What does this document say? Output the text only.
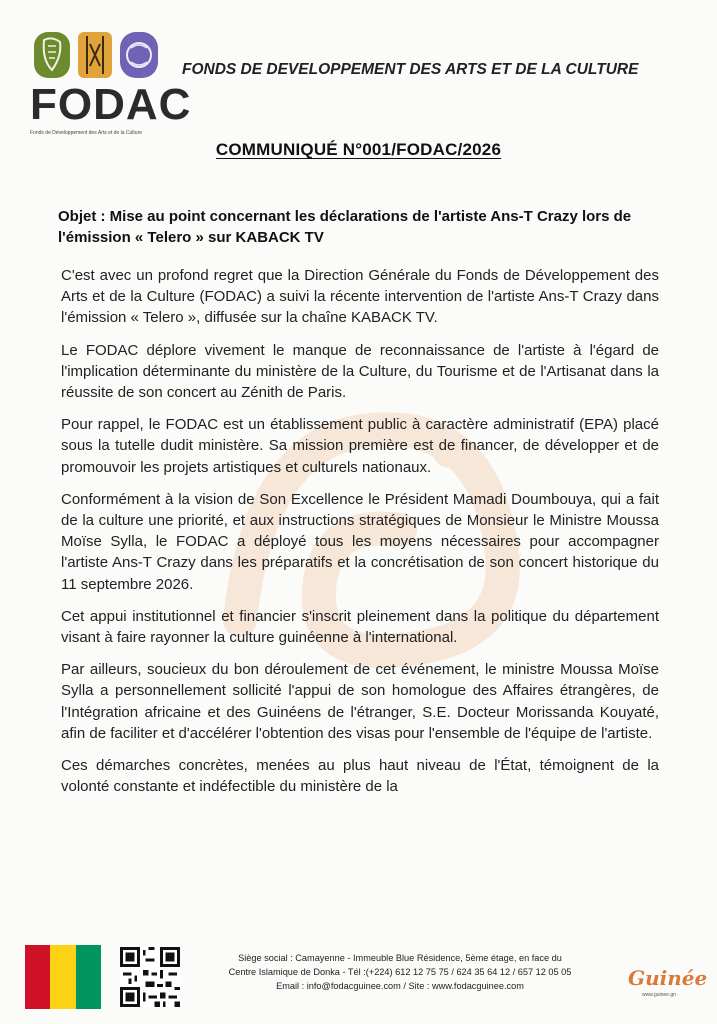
FODAC
Fonds de Développement des Arts et de la Culture
FONDS DE DEVELOPPEMENT DES ARTS ET DE LA CULTURE
COMMUNIQUÉ N°001/FODAC/2026
Objet : Mise au point concernant les déclarations de l'artiste Ans-T Crazy lors de l'émission « Telero » sur KABACK TV

C'est avec un profond regret que la Direction Générale du Fonds de Développement des Arts et de la Culture (FODAC) a suivi la récente intervention de l'artiste Ans-T Crazy dans l'émission « Telero », diffusée sur la chaîne KABACK TV.

Le FODAC déplore vivement le manque de reconnaissance de l'artiste à l'égard de l'implication déterminante du ministère de la Culture, du Tourisme et de l'Artisanat dans la réussite de son concert au Zénith de Paris.

Pour rappel, le FODAC est un établissement public à caractère administratif (EPA) placé sous la tutelle dudit ministère. Sa mission première est de financer, de développer et de promouvoir les projets artistiques et culturels nationaux.

Conformément à la vision de Son Excellence le Président Mamadi Doumbouya, qui a fait de la culture une priorité, et aux instructions stratégiques de Monsieur le Ministre Moussa Moïse Sylla, le FODAC a déployé tous les moyens nécessaires pour accompagner l'artiste Ans-T Crazy dans les préparatifs et la concrétisation de son concert historique du 11 septembre 2026.

Cet appui institutionnel et financier s'inscrit pleinement dans la politique du département visant à faire rayonner la culture guinéenne à l'international.

Par ailleurs, soucieux du bon déroulement de cet événement, le ministre Moussa Moïse Sylla a personnellement sollicité l'appui de son homologue des Affaires étrangères, de l'Intégration africaine et des Guinéens de l'étranger, S.E. Docteur Morissanda Kouyaté, afin de faciliter et d'accélérer l'obtention des visas pour l'ensemble de l'équipe de l'artiste.

Ces démarches concrètes, menées au plus haut niveau de l'État, témoignent de la volonté constante et indéfectible du ministère de la

Siège social : Camayenne - Immeuble Blue Résidence, 5ème étage, en face du
Centre Islamique de Donka - Tél :(+224) 612 12 75 75 / 624 35 64 12 / 657 12 05 05
Email : info@fodacguinee.com / Site : www.fodacguinee.com	Guinée
www.guinee.gn
